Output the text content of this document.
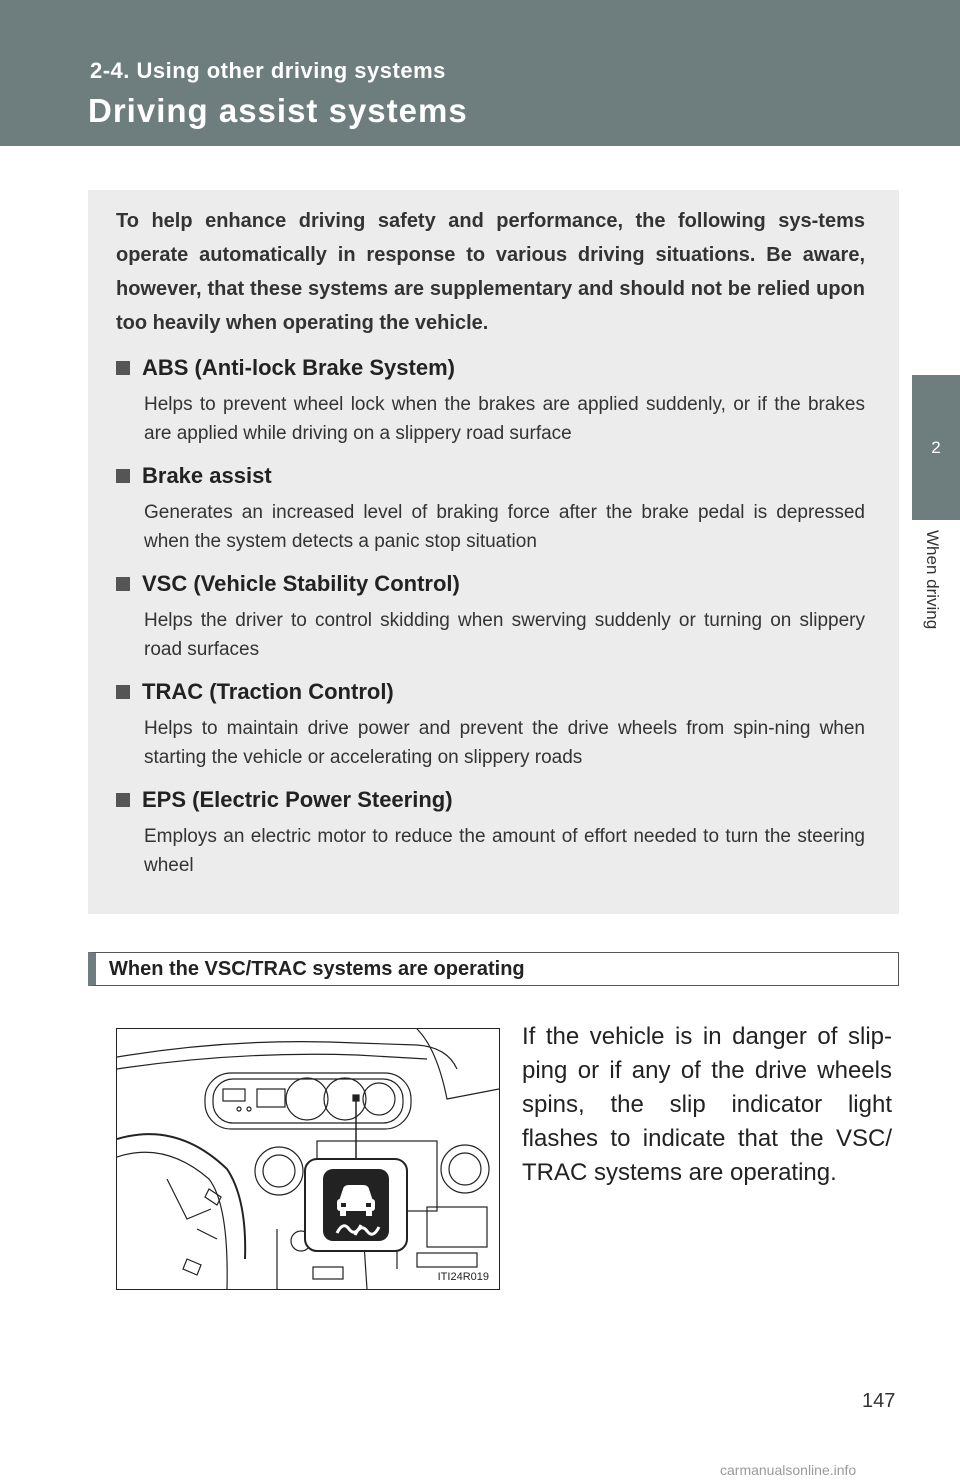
2-4. Using other driving systems
Driving assist systems
2
When driving

To help enhance driving safety and performance, the following sys-tems operate automatically in response to various driving situations. Be aware, however, that these systems are supplementary and should not be relied upon too heavily when operating the vehicle.

ABS (Anti-lock Brake System)
Helps to prevent wheel lock when the brakes are applied suddenly, or if the brakes are applied while driving on a slippery road surface
Brake assist
Generates an increased level of braking force after the brake pedal is depressed when the system detects a panic stop situation
VSC (Vehicle Stability Control)
Helps the driver to control skidding when swerving suddenly or turning on slippery road surfaces
TRAC (Traction Control)
Helps to maintain drive power and prevent the drive wheels from spin-ning when starting the vehicle or accelerating on slippery roads
EPS (Electric Power Steering)
Employs an electric motor to reduce the amount of effort needed to turn the steering wheel
When the VSC/TRAC systems are operating
ITI24R019

If the vehicle is in danger of slip-ping or if any of the drive wheels spins, the slip indicator light flashes to indicate that the VSC/ TRAC systems are operating.

147
carmanualsonline.info
